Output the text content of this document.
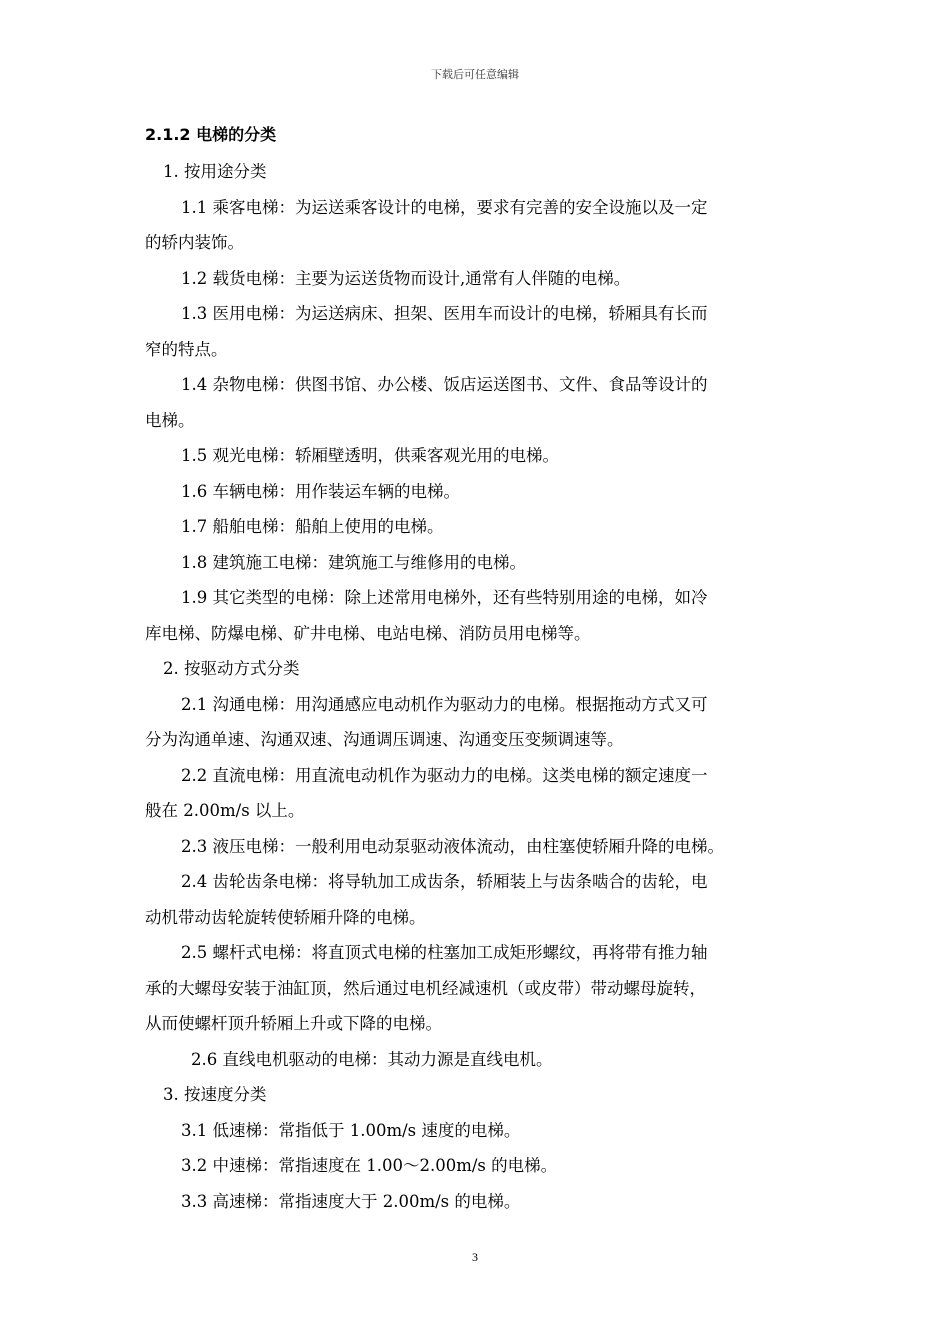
下载后可任意编辑
2.1.2 电梯的分类
1. 按用途分类
1.1 乘客电梯：为运送乘客设计的电梯，要求有完善的安全设施以及一定
的轿内装饰。
1.2 载货电梯：主要为运送货物而设计,通常有人伴随的电梯。
1.3 医用电梯：为运送病床、担架、医用车而设计的电梯，轿厢具有长而
窄的特点。
1.4 杂物电梯：供图书馆、办公楼、饭店运送图书、文件、食品等设计的
电梯。
1.5 观光电梯：轿厢壁透明，供乘客观光用的电梯。
1.6 车辆电梯：用作装运车辆的电梯。
1.7 船舶电梯：船舶上使用的电梯。
1.8 建筑施工电梯：建筑施工与维修用的电梯。
1.9 其它类型的电梯：除上述常用电梯外，还有些特别用途的电梯，如冷
库电梯、防爆电梯、矿井电梯、电站电梯、消防员用电梯等。
2. 按驱动方式分类
2.1 沟通电梯：用沟通感应电动机作为驱动力的电梯。根据拖动方式又可
分为沟通单速、沟通双速、沟通调压调速、沟通变压变频调速等。
2.2 直流电梯：用直流电动机作为驱动力的电梯。这类电梯的额定速度一
般在 2.00m/s 以上。
2.3 液压电梯：一般利用电动泵驱动液体流动，由柱塞使轿厢升降的电梯。
2.4 齿轮齿条电梯：将导轨加工成齿条，轿厢装上与齿条啮合的齿轮，电
动机带动齿轮旋转使轿厢升降的电梯。
2.5 螺杆式电梯：将直顶式电梯的柱塞加工成矩形螺纹，再将带有推力轴
承的大螺母安装于油缸顶，然后通过电机经减速机（或皮带）带动螺母旋转，
从而使螺杆顶升轿厢上升或下降的电梯。
2.6 直线电机驱动的电梯：其动力源是直线电机。
3. 按速度分类
3.1 低速梯：常指低于 1.00m/s 速度的电梯。
3.2 中速梯：常指速度在 1.00～2.00m/s 的电梯。
3.3 高速梯：常指速度大于 2.00m/s 的电梯。
3
